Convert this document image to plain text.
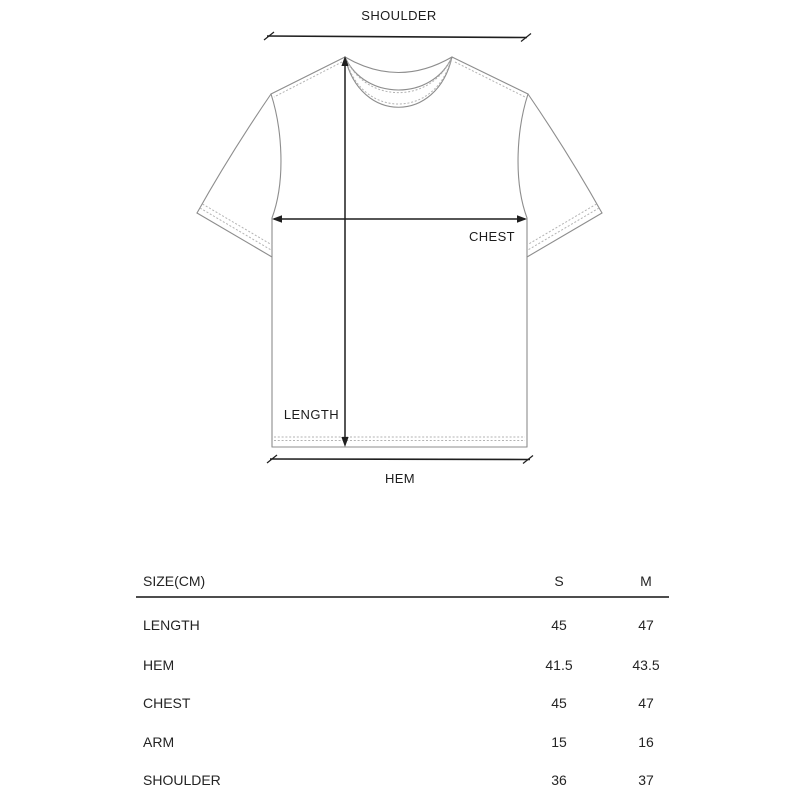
SHOULDER
CHEST
LENGTH
HEM
SIZE(CM)	S	M
LENGTH	45	47
HEM	41.5	43.5
CHEST	45	47
ARM	15	16
SHOULDER	36	37
